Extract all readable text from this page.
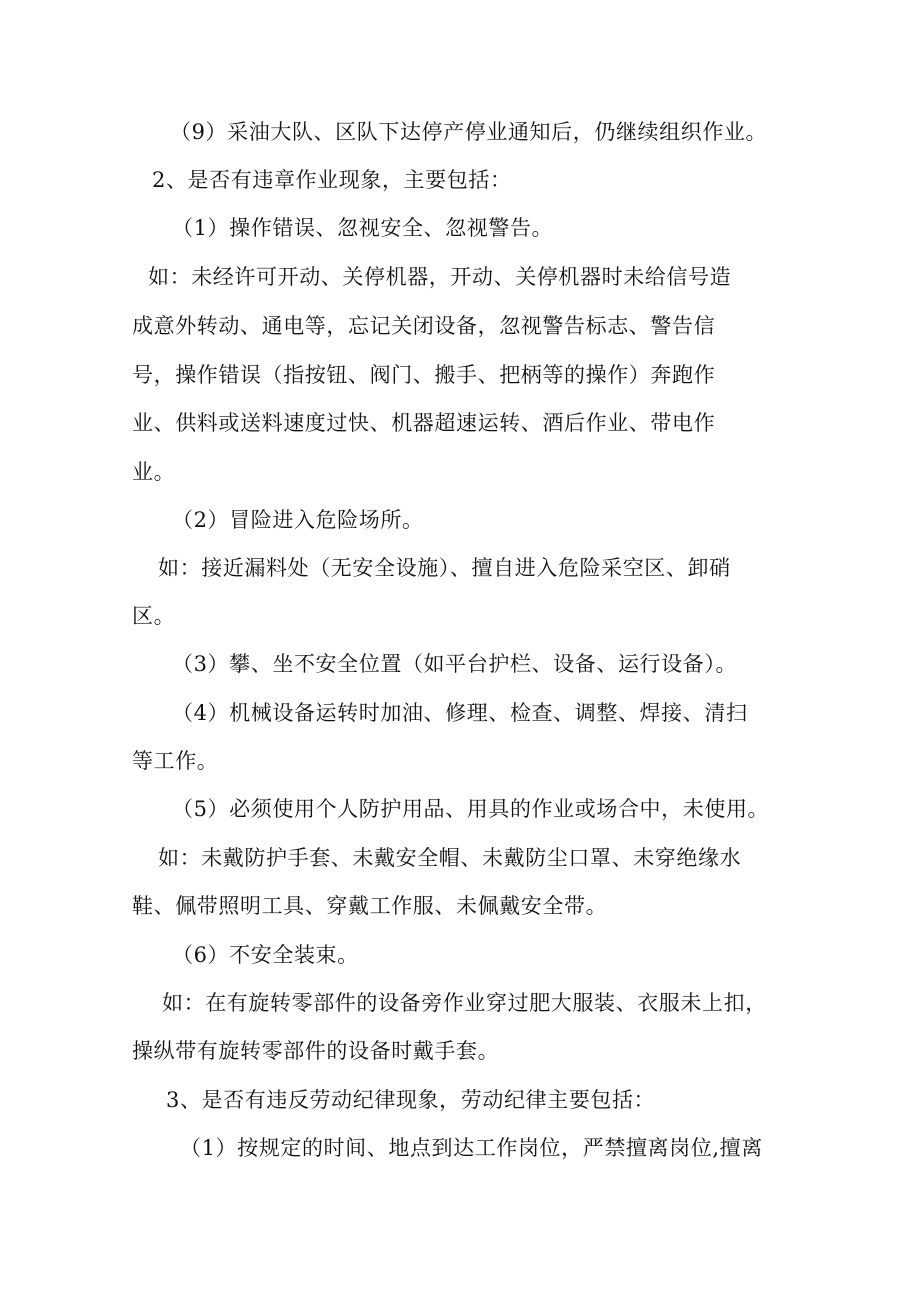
（9）采油大队、区队下达停产停业通知后，仍继续组织作业。
2、是否有违章作业现象，主要包括：
（1）操作错误、忽视安全、忽视警告。
如：未经许可开动、关停机器，开动、关停机器时未给信号造
成意外转动、通电等，忘记关闭设备，忽视警告标志、警告信
号，操作错误（指按钮、阀门、搬手、把柄等的操作）奔跑作
业、供料或送料速度过快、机器超速运转、酒后作业、带电作
业。
（2）冒险进入危险场所。
如：接近漏料处（无安全设施）、擅自进入危险采空区、卸硝
区。
（3）攀、坐不安全位置（如平台护栏、设备、运行设备）。
（4）机械设备运转时加油、修理、检查、调整、焊接、清扫
等工作。
（5）必须使用个人防护用品、用具的作业或场合中，未使用。
如：未戴防护手套、未戴安全帽、未戴防尘口罩、未穿绝缘水
鞋、佩带照明工具、穿戴工作服、未佩戴安全带。
（6）不安全装束。
如：在有旋转零部件的设备旁作业穿过肥大服装、衣服未上扣，
操纵带有旋转零部件的设备时戴手套。
3、是否有违反劳动纪律现象，劳动纪律主要包括：
（1）按规定的时间、地点到达工作岗位，严禁擅离岗位,擅离
